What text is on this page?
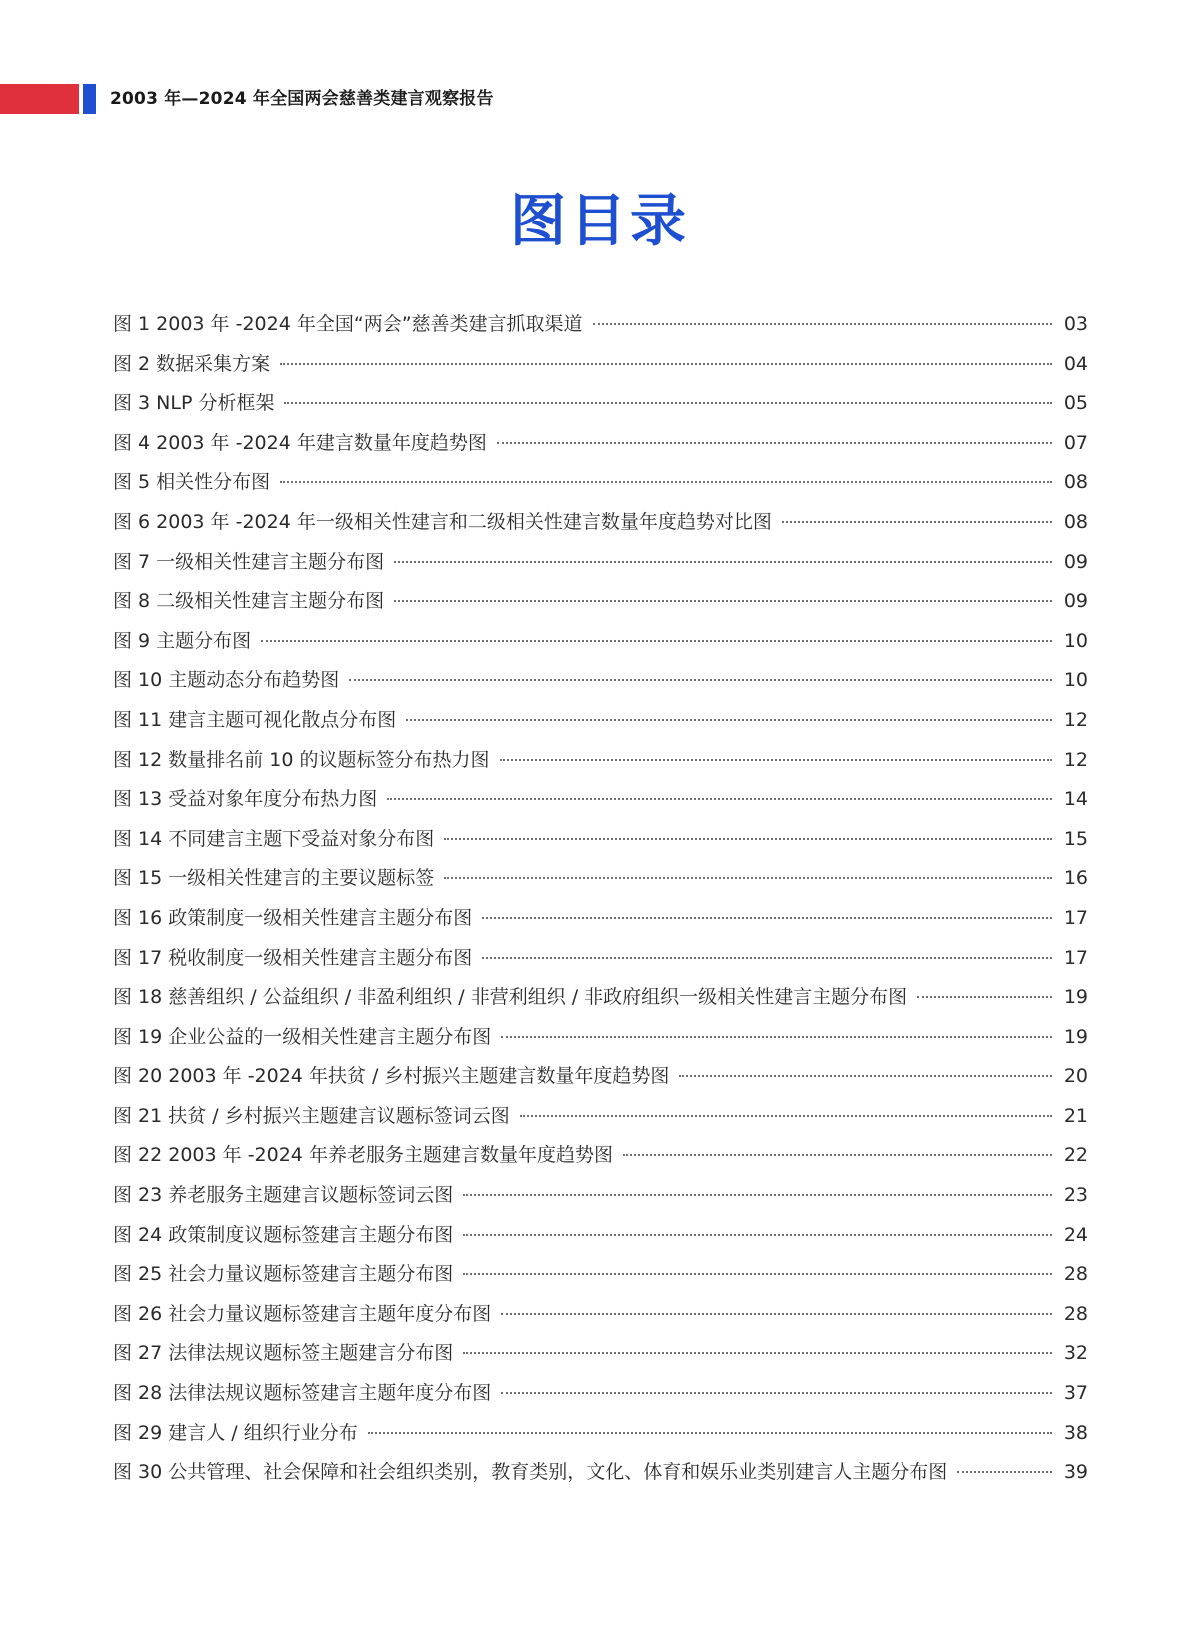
2003 年—2024 年全国两会慈善类建言观察报告
图目录
图 1 2003 年 -2024 年全国“两会”慈善类建言抓取渠道	03
图 2 数据采集方案	04
图 3 NLP 分析框架	05
图 4 2003 年 -2024 年建言数量年度趋势图	07
图 5 相关性分布图	08
图 6 2003 年 -2024 年一级相关性建言和二级相关性建言数量年度趋势对比图	08
图 7 一级相关性建言主题分布图	09
图 8 二级相关性建言主题分布图	09
图 9 主题分布图	10
图 10 主题动态分布趋势图	10
图 11 建言主题可视化散点分布图	12
图 12 数量排名前 10 的议题标签分布热力图	12
图 13 受益对象年度分布热力图	14
图 14 不同建言主题下受益对象分布图	15
图 15 一级相关性建言的主要议题标签	16
图 16 政策制度一级相关性建言主题分布图	17
图 17 税收制度一级相关性建言主题分布图	17
图 18 慈善组织 / 公益组织 / 非盈利组织 / 非营利组织 / 非政府组织一级相关性建言主题分布图	19
图 19 企业公益的一级相关性建言主题分布图	19
图 20 2003 年 -2024 年扶贫 / 乡村振兴主题建言数量年度趋势图	20
图 21 扶贫 / 乡村振兴主题建言议题标签词云图	21
图 22 2003 年 -2024 年养老服务主题建言数量年度趋势图	22
图 23 养老服务主题建言议题标签词云图	23
图 24 政策制度议题标签建言主题分布图	24
图 25 社会力量议题标签建言主题分布图	28
图 26 社会力量议题标签建言主题年度分布图	28
图 27 法律法规议题标签主题建言分布图	32
图 28 法律法规议题标签建言主题年度分布图	37
图 29 建言人 / 组织行业分布	38
图 30 公共管理、社会保障和社会组织类别，教育类别，文化、体育和娱乐业类别建言人主题分布图	39
